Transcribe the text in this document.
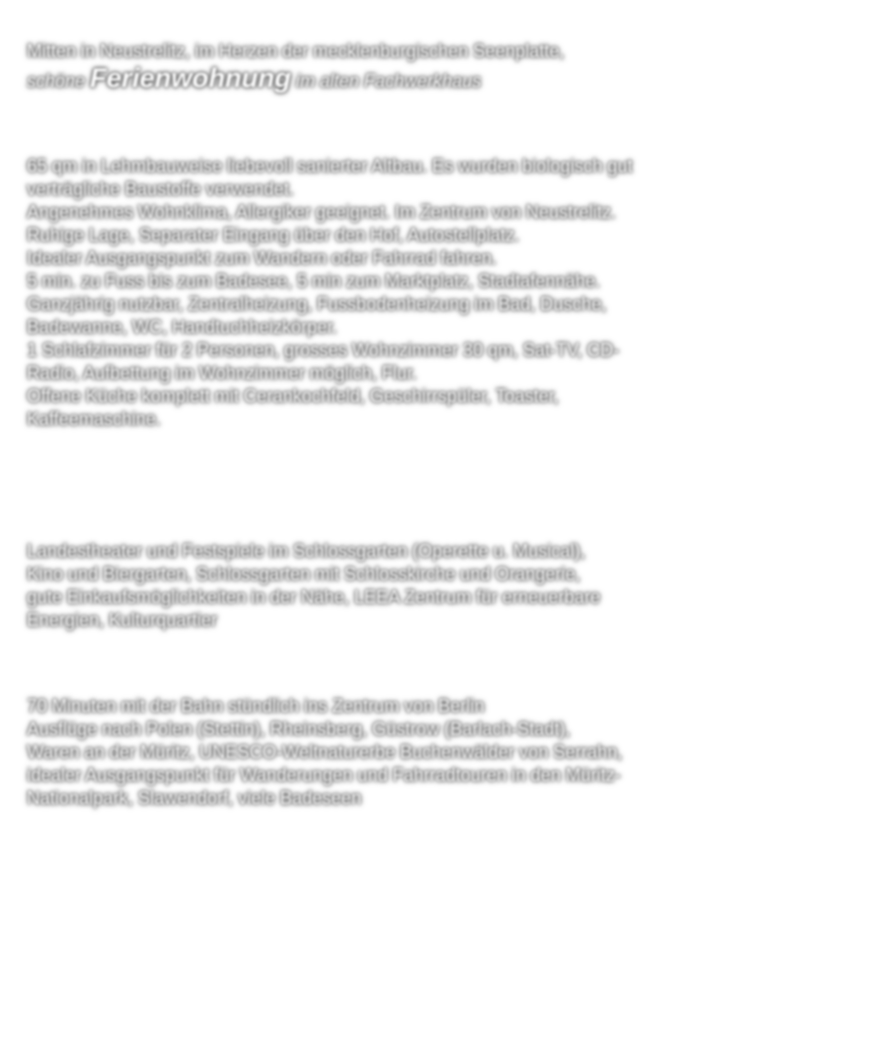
Mitten in Neustrelitz, im Herzen der mecklenburgischen Seenplatte,
schöne Ferienwohnung im alten Fachwerkhaus
65 qm in Lehmbauweise liebevoll sanierter Altbau. Es wurden biologisch gut
verträgliche Baustoffe verwendet.
Angenehmes Wohnklima, Allergiker geeignet. Im Zentrum von Neustrelitz.
Ruhige Lage, Separater Eingang über den Hof, Autostellplatz.
Idealer Ausgangspunkt zum Wandern oder Fahrrad fahren.
5 min. zu Fuss bis zum Badesee, 5 min zum Marktplatz, Stadtafennähe.
Ganzjährig nutzbar, Zentralheizung, Fussbodenheizung im Bad, Dusche,
Badewanne, WC, Handtuchheizkörper.
1 Schlafzimmer für 2 Personen, grosses Wohnzimmer 30 qm, Sat-TV, CD-
Radio, Aufbettung im Wohnzimmer möglich, Flur.
Offene Küche komplett mit Cerankochfeld, Geschirrspüler, Toaster,
Kaffeemaschine.
Landestheater und Festspiele im Schlossgarten (Operette u. Musical),
Kino und Biergarten, Schlossgarten mit Schlosskirche und Orangerie,
gute Einkaufsmöglichkeiten in der Nähe, LEEA Zentrum für erneuerbare
Energien, Kulturquartier
70 Minuten mit der Bahn stündlich ins Zentrum von Berlin
Ausflüge nach Polen (Stettin), Rheinsberg, Güstrow (Barlach-Stadt),
Waren an der Müritz, UNESCO-Weltnaturerbe Buchenwälder von Serrahn,
idealer Ausgangspunkt für Wanderungen und Fahrradtouren in den Müritz-
Nationalpark, Slawendorf, viele Badeseen
